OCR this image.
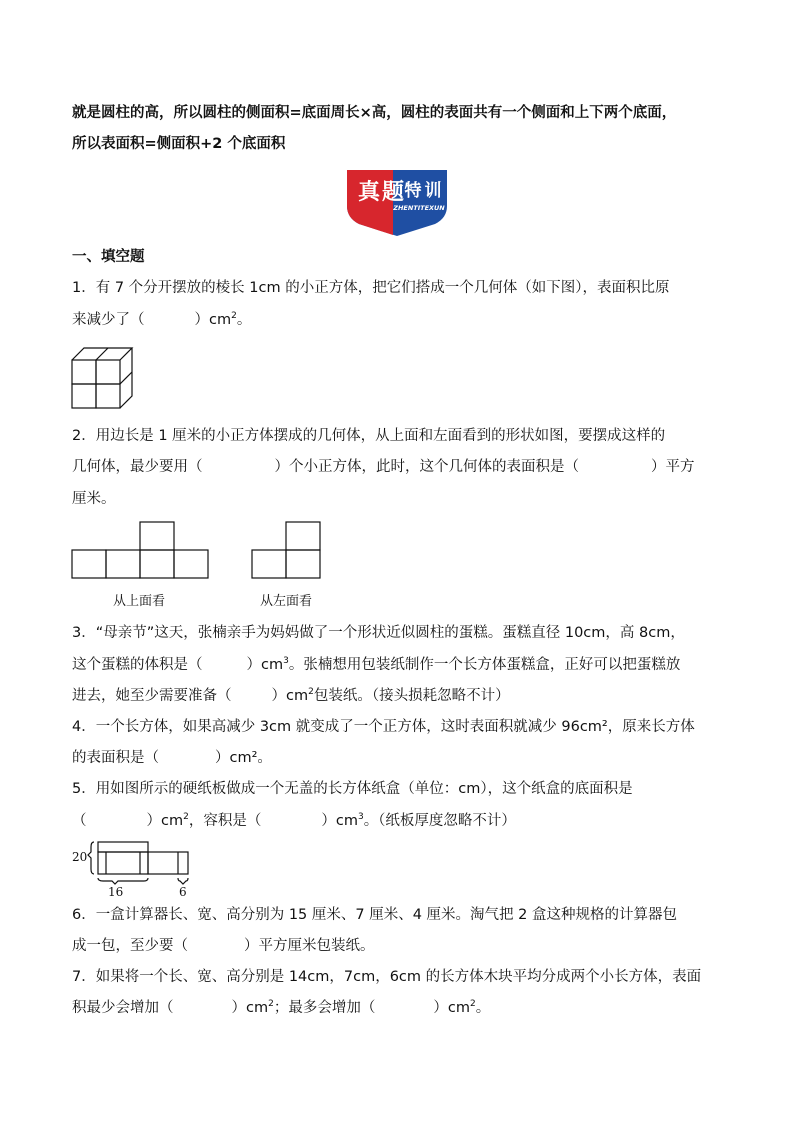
就是圆柱的高，所以圆柱的侧面积=底面周长×高，圆柱的表面共有一个侧面和上下两个底面，
所以表面积=侧面积+2 个底面积
真 题 特 训
ZHENTITEXUN
一、填空题
1．有 7 个分开摆放的棱长 1cm 的小正方体，把它们搭成一个几何体（如下图），表面积比原
来减少了（	）$cm^2$。
2．用边长是 1 厘米的小正方体摆成的几何体，从上面和左面看到的形状如图，要摆成这样的
几何体，最少要用（	）个小正方体，此时，这个几何体的表面积是（	）平方
厘米。
从上面看	从左面看
3．“母亲节”这天，张楠亲手为妈妈做了一个形状近似圆柱的蛋糕。蛋糕直径 10cm，高 8cm，
这个蛋糕的体积是（	）$cm^3$。张楠想用包装纸制作一个长方体蛋糕盒，正好可以把蛋糕放
进去，她至少需要准备（	）$cm^2$包装纸。（接头损耗忽略不计）
4．一个长方体，如果高减少 3cm 就变成了一个正方体，这时表面积就减少 96cm²，原来长方体
的表面积是（	）cm²。
5．用如图所示的硬纸板做成一个无盖的长方体纸盒（单位：cm），这个纸盒的底面积是
（	）$cm^2$，容积是（	）$cm^3$。（纸板厚度忽略不计）
20
16	6
6．一盒计算器长、宽、高分别为 15 厘米、7 厘米、4 厘米。淘气把 2 盒这种规格的计算器包
成一包，至少要（	）平方厘米包装纸。
7．如果将一个长、宽、高分别是 14cm，7cm，6cm 的长方体木块平均分成两个小长方体，表面
积最少会增加（	）$cm^2$；最多会增加（	）$cm^2$。
